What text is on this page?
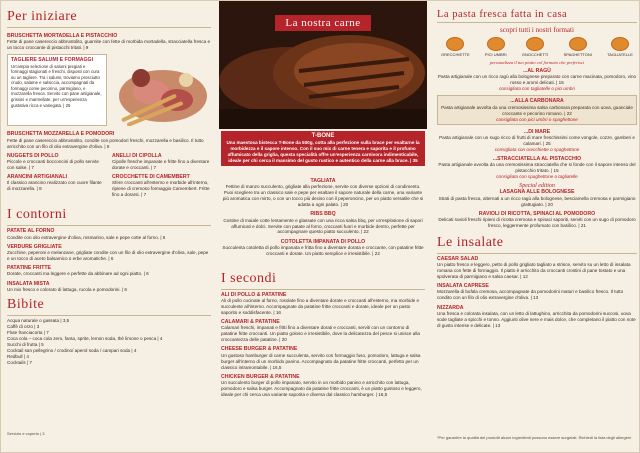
Per iniziare
BRUSCHETTA MORTADELLA E PISTACCHIO
Fette di pane casereccio abbrustolito, guarnite con fette di morbida mortadella, stracciatella fresca e un tocco croccante di pistacchi tritati. | 9
TAGLIERE SALUMI E FORMAGGI
Un'ampia selezione di salumi pregiati e formaggi stagionati e freschi, disposti con cura su un tagliere. Tra i salumi, troviamo prosciutto crudo, salame e salsiccia, accompagnati da formaggi come pecorino, parmigiano, e mozzarella fresca. Servito con pane artigianale, grissini e marmellate, per un'esperienza gustativa ricca e variegata. | 25
BRUSCHETTA MOZZARELLA E POMODORI
Fette di pane casereccio abbrustolito, condite con pomodori freschi, mozzarella e basilico. Il tutto arricchito con un filo di olio extravergine d'oliva. | 8
NUGGETS DI POLLO
Piccole e croccanti bocconcini di pollo servite con salse. | 7
ARANCINI ARTIGIANALI
Il classico arancino realizzato con cuore filante di mozzarella. | 8
ANELLI DI CIPOLLA
Cipolle fresche impanate e fritte fino a diventare dorate e croccanti. | 7
CROCCHETTE DI CAMEMBERT
Sfere croccanti all'esterno e morbide all'interno, ripiene di cremoso formaggio Camembert. Fritte fino a dorarsi. | 7
I contorni
PATATE AL FORNO
Condite con olio extravergine d'oliva, rosmarino, sale e pepe cotte al forno. | 6
VERDURE GRIGLIATE
Zucchine, peperoni e melanzane, grigliate condite con un filo di olio extravergine d'oliva, sale, pepe e un tocco di aceto balsamico o erbe aromatiche. | 6
PATATINE FRITTE
Dorate, croccanti ma leggere e perfette da abbinare ad ogni piatto. | 6
INSALATA MISTA
Un mix fresco e colorato di lattuga, rucola e pomodorini. | 6
Bibite
Acqua naturale o gassata | 3,5
Caffè di orzo | 3
Flute franciacorta | 7
Coca cola – coca cola zero, fanta, sprite, lemon soda, thè limone o pesca | 4
Succhi di frutta | 5
Cocktail san pellegrino / crodino/ aperol soda / campari soda | 4
Redbull | 4
Cocktails | 7
Servizio e coperto | 3
La nostra carne
T-BONE
Una maestosa bistecca T-Bone da 500g, cotta alla perfezione sulla brace per esaltarne la morbidezza e il sapore intenso. Con il suo mix di carne tenera e saporita e il profumo affumicato della griglia, questa specialità offre un'esperienza carnivora indimenticabile, ideale per chi cerca il massimo del gusto rustico e autentico della carne alla brace. | 35
TAGLIATA
Fettine di manzo succulento, grigliate alla perfezione, servite con diverse opzioni di condimento. Puoi scegliere tra un classico sale e pepe per esaltare il sapore naturale della carne, una variante più aromatica con mirto, o con un tocco più deciso con il peperoncino, per un piatto versatile che si adatta a ogni palato. | 20
RIBS BBQ
Costine di maiale cotte lentamente e glassate con una ricca salsa bbq, per un'esplosione di sapori affumicati e dolci. Servite con patate al forno, croccanti fuori e morbide dentro, perfette per accompagnare questo piatto succulento. | 22
COTOLETTA IMPANATA DI POLLO
Succulenta cotoletta di pollo impanata e fritta fino a diventare dorata e croccante, con patatine fritte croccanti e dorate. Un piatto semplice e irresistibile. | 22
I secondi
ALI DI POLLO & PATATINE
Ali di pollo cucinate al forno, rosolate fino a diventare dorate e croccanti all'esterno, ma morbide e succulente all'interno. Accompagnate da patatine fritte croccanti e dorate, ideale per un pasto saporito e soddisfacente. | 16
CALAMARI & PATATINE
Calamari freschi, impanati e fritti fino a diventare dorati e croccanti, serviti con un contorno di patatine fritte croccanti. Un piatto goloso e irresistibile, dove la delicatezza del pesce si unisce alla croccantezza delle patatine. | 20
CHEESE BURGER & PATATINE
Un gustoso hamburger di carne succulenta, servito con formaggio fuso, pomodoro, lattuga e salsa burger all'interno di un morbido panino. Accompagnato da patatine fritte croccanti, perfetto per un classico intramontabile. | 16,5
CHICKEN BURGER & PATATINE
Un succulento burger di pollo impanato, servito in un morbido panino e arricchito con lattuga, pomodoro e salsa burger. Accompagnato da patatine fritte croccanti, è un piatto gustoso e leggero, ideale per chi cerca una variante saporita e diversa dal classico hamburger. | 16,5
La pasta fresca fatta in casa
scopri tutti i nostri formati
ORECCHIETTE	PICI UMBRI	GNOCCHETTI	SPAGHETTONI	TAGLIATELLE
personalizza il tuo piatto col formato che preferisci
...AL RAGÙ
Pasta artigianale con un ricco ragù alla bolognese preparato con carne macinata, pomodoro, vino rosso e aromi delicati. | 15
consigliata con tagliatelle o pici umbri
...ALLA CARBONARA
Pasta artigianale avvolta da una cremosissima salsa carbonara preparata con uova, guanciale croccante e pecorino romano. | 22
consigliata con pici umbri o spaghettone
...DI MARE
Pasta artigianale con un sugo ricco di frutti di mare freschissimi come vongole, cozze, gamberi e calamari. | 25
consigliata con orecchiette o spaghettone
...STRACCIATELLA AL PISTACCHIO
Pasta artigianale avvolta da una cremosissima stracciatella che si fonde con il sapore intenso del pistacchio tritato. | 15
consigliata con spaghettone o tagliatelle
Special edition
LASAGNA ALLE BOLOGNESE
Strati di pasta fresca, alternati a un ricco ragù alla bolognese, besciamella cremosa e parmigiano grattugiato. | 20
RAVIOLI DI RICOTTA, SPINACI AL POMODORO
Delicati ravioli freschi ripieni di ricotta cremosa e spinaci saporiti, serviti con un sugo di pomodoro fresco, leggermente profumato con basilico. | 21
Le insalate
CAESAR SALAD
Un piatto fresco e leggero, petto di pollo grigliato tagliato a strisce, servito su un letto di insalata romana con fette di formaggio. Il piatto è arricchito da croccanti crostini di pane tostato e una spolverata di parmigiano e salsa caesar. | 12
INSALATA CAPRESE
Mozzarella di bufala cremosa, accompagnate da pomodorini maturi e basilico fresco. Il tutto condito con un filo di olio extravergine d'oliva. | 13
NIZZARDA
Una fresca e colorata insalata, con un letto di lattughino, arricchita da pomodorini succosi, uova sode tagliate a spicchi e tonno. Aggiunti olive nere e mais dolce, che completano il piatto con note di gusto intense e delicate. | 13
*Per garantire la qualità dei prodotti alcuni ingredienti possono essere surgelati. Richiedi la lista degli allergeni
